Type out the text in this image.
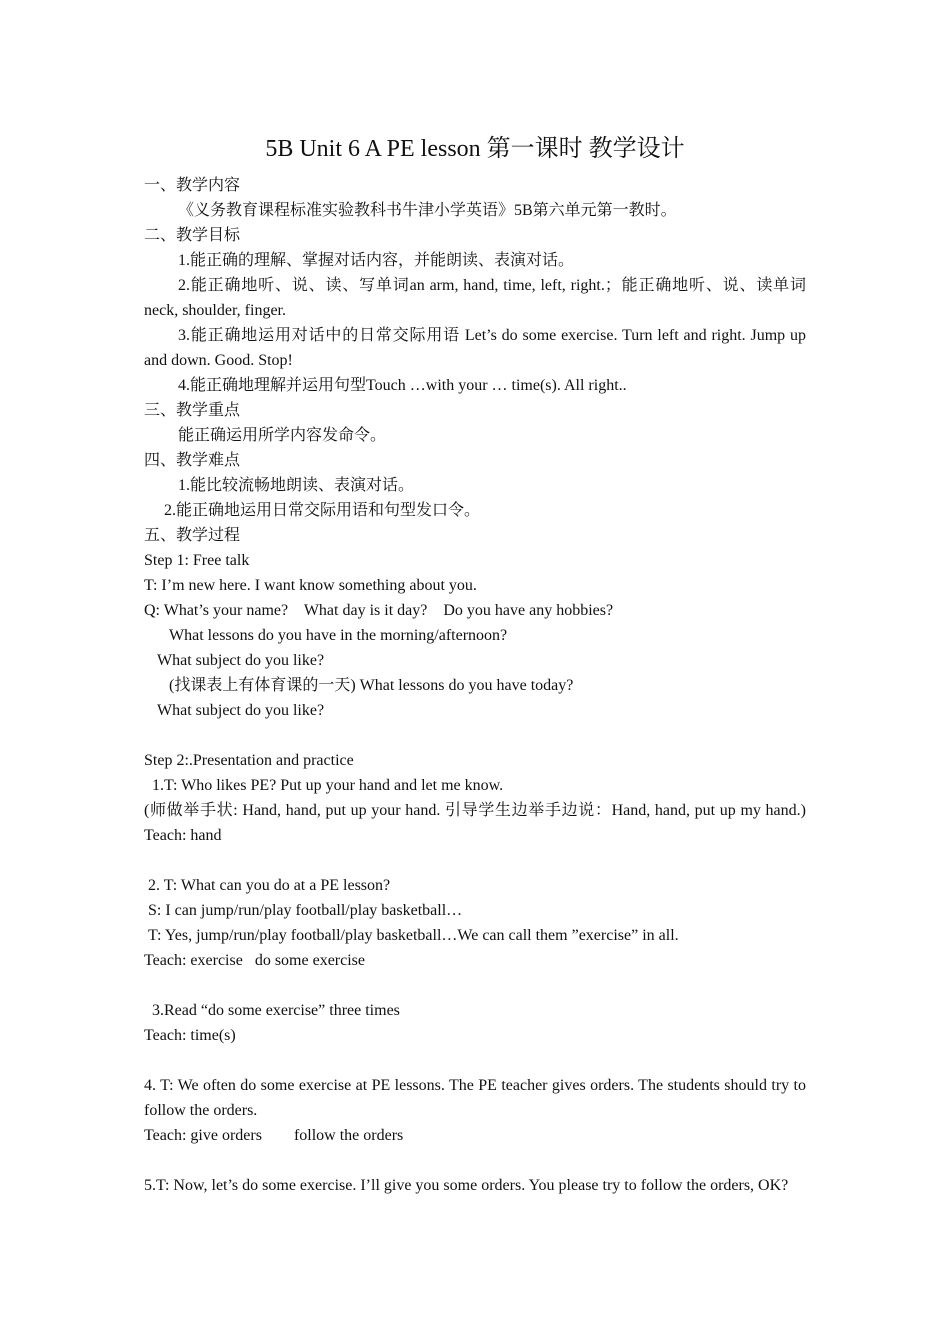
5B Unit 6 A PE lesson 第一课时 教学设计

一、教学内容

《义务教育课程标准实验教科书牛津小学英语》5B第六单元第一教时。

二、教学目标

1.能正确的理解、掌握对话内容，并能朗读、表演对话。

2.能正确地听、说、读、写单词an arm, hand, time, left, right.；能正确地听、说、读单词neck, shoulder, finger.

3.能正确地运用对话中的日常交际用语 Let’s do some exercise. Turn left and right. Jump up and down. Good. Stop!

4.能正确地理解并运用句型Touch …with your … time(s). All right..

三、教学重点

能正确运用所学内容发命令。

四、教学难点

1.能比较流畅地朗读、表演对话。

2.能正确地运用日常交际用语和句型发口令。

五、教学过程

Step 1: Free talk

T: I’m new here. I want know something about you.

Q: What’s your name?    What day is it day?    Do you have any hobbies?

What lessons do you have in the morning/afternoon?

What subject do you like?

(找课表上有体育课的一天) What lessons do you have today?

What subject do you like?

Step 2:.Presentation and practice

1.T: Who likes PE? Put up your hand and let me know.

(师做举手状: Hand, hand, put up your hand. 引导学生边举手边说：Hand, hand, put up my hand.) Teach: hand

2. T: What can you do at a PE lesson?

S: I can jump/run/play football/play basketball…

T: Yes, jump/run/play football/play basketball…We can call them ”exercise” in all.

Teach: exercise   do some exercise

3.Read “do some exercise” three times

Teach: time(s)

4. T: We often do some exercise at PE lessons. The PE teacher gives orders. The students should try to follow the orders.

Teach: give orders        follow the orders

5.T: Now, let’s do some exercise. I’ll give you some orders. You please try to follow the orders, OK?
